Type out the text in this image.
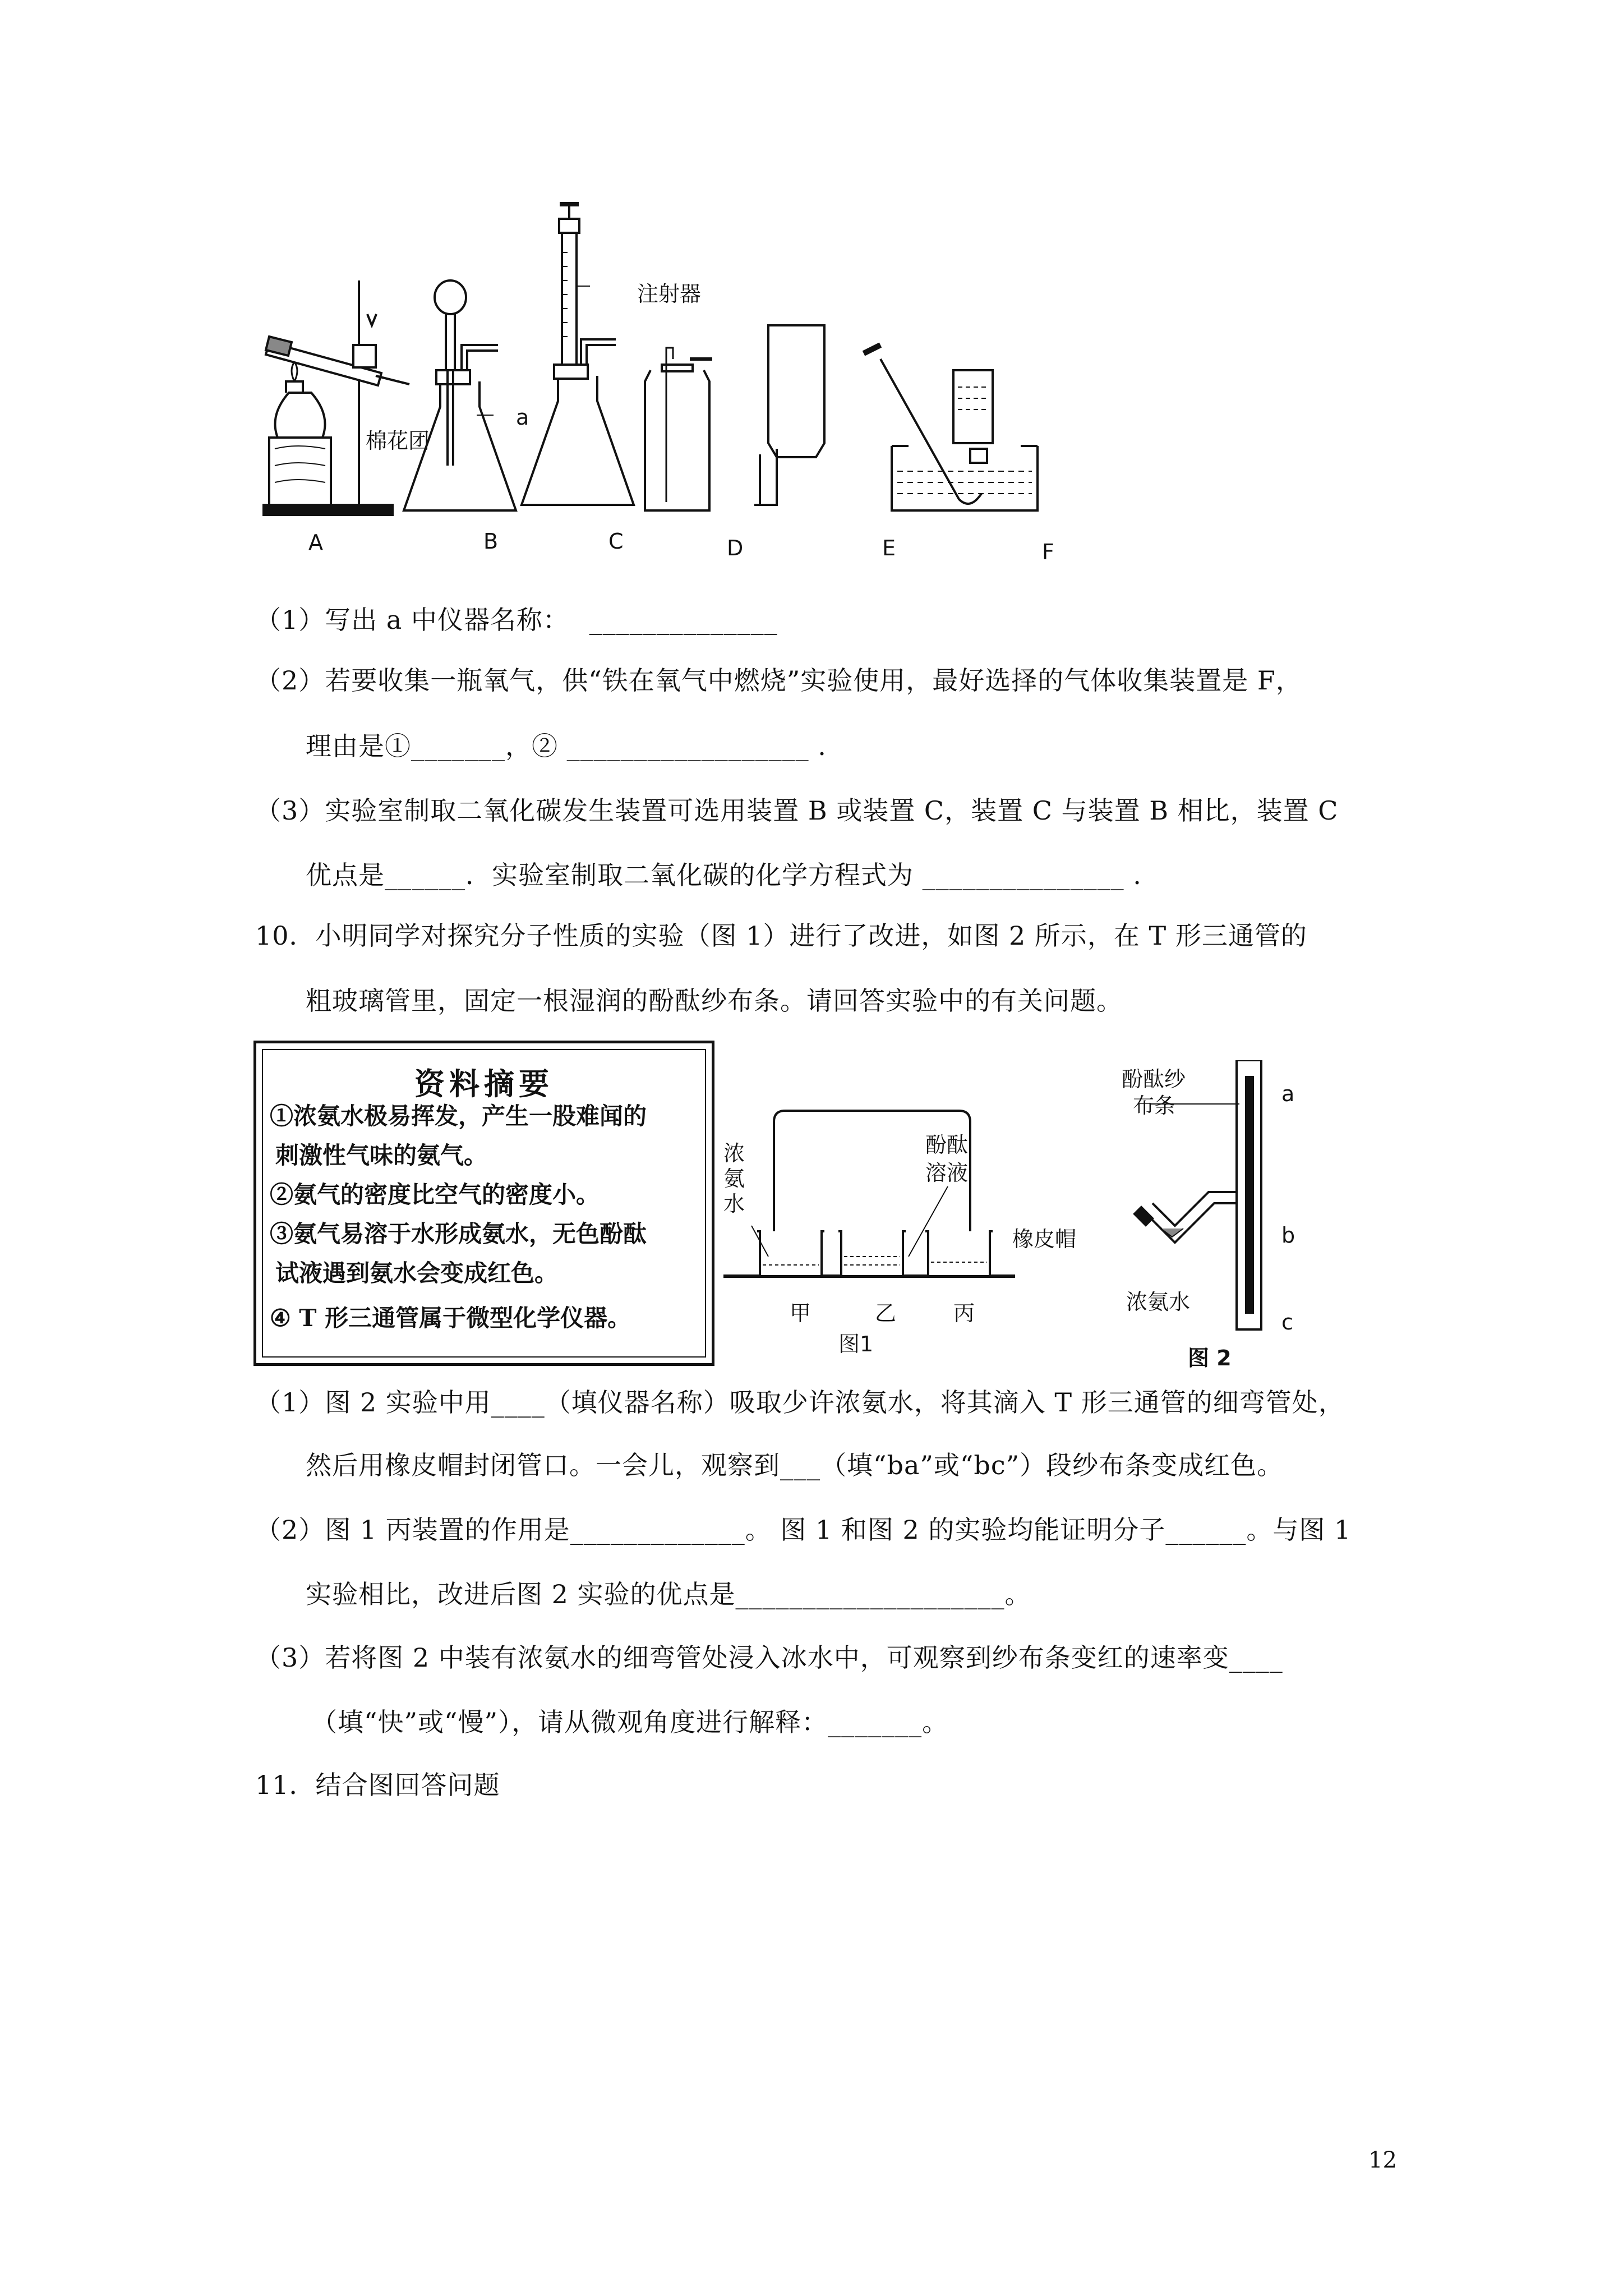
A	B	C	D	E	F
棉花团
a
注射器
（1）写出 a 中仪器名称： ______________
（2）若要收集一瓶氧气，供“铁在氧气中燃烧”实验使用，最好选择的气体收集装置是 F，
理由是①_______，② __________________ .
（3）实验室制取二氧化碳发生装置可选用装置 B 或装置 C，装置 C 与装置 B 相比，装置 C
优点是______．实验室制取二氧化碳的化学方程式为 _______________ .
10．小明同学对探究分子性质的实验（图 1）进行了改进，如图 2 所示，在 T 形三通管的
粗玻璃管里，固定一根湿润的酚酞纱布条。请回答实验中的有关问题。
资料摘要
①浓氨水极易挥发，产生一股难闻的
刺激性气味的氨气。
②氨气的密度比空气的密度小。
③氨气易溶于水形成氨水，无色酚酞
试液遇到氨水会变成红色。
④ T 形三通管属于微型化学仪器。
浓
氨
水
酚酞
溶液
甲	乙	丙
图1
酚酞纱
布条
橡皮帽
浓氨水
a
b
c
图 2
（1）图 2 实验中用____（填仪器名称）吸取少许浓氨水，将其滴入 T 形三通管的细弯管处，
然后用橡皮帽封闭管口。一会儿，观察到___（填“ba”或“bc”）段纱布条变成红色。
（2）图 1 丙装置的作用是_____________。 图 1 和图 2 的实验均能证明分子______。与图 1
实验相比，改进后图 2 实验的优点是____________________。
（3）若将图 2 中装有浓氨水的细弯管处浸入冰水中，可观察到纱布条变红的速率变____
（填“快”或“慢”），请从微观角度进行解释：_______。
11．结合图回答问题
12
